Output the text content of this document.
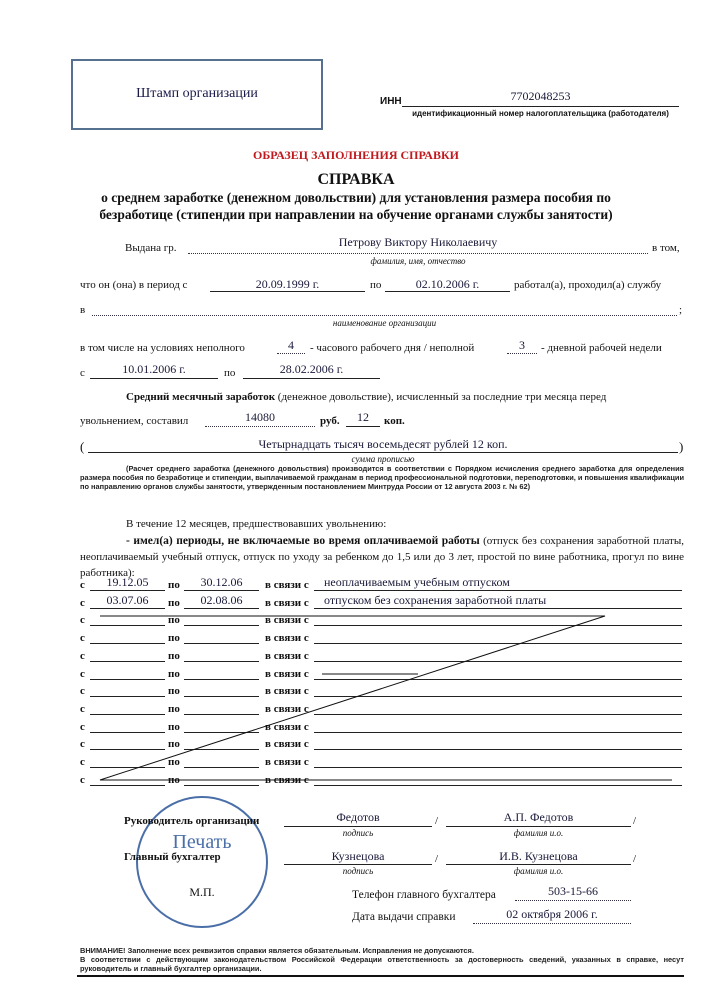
Штамп организации
ИНН	7702048253
идентификационный номер налогоплательщика (работодателя)
ОБРАЗЕЦ ЗАПОЛНЕНИЯ СПРАВКИ
СПРАВКА
о среднем заработке (денежном довольствии) для установления размера пособия по
безработице (стипендии при направлении на обучение органами службы занятости)
Выдана гр.	Петрову Виктору Николаевичу	в том,
фамилия, имя, отчество
что он (она) в период с	20.09.1999 г.	по	02.10.2006 г.	работал(а), проходил(а) службу
в	;
наименование организации
в том числе на условиях неполного	4	- часового рабочего дня / неполной	3	- дневной рабочей недели
с	10.01.2006 г.	по	28.02.2006 г.
Средний месячный заработок (денежное довольствие), исчисленный за последние три месяца перед
увольнением, составил	14080	руб.	12	коп.
(	Четырнадцать тысяч восемьдесят рублей 12 коп.	)
сумма прописью
(Расчет среднего заработка (денежного довольствия) производится в соответствии с Порядком исчисления среднего заработка для определения размера пособия по безработице и стипендии, выплачиваемой гражданам в период профессиональной подготовки, переподготовки, и повышения квалификации по направлению органов службы занятости, утвержденным постановлением Минтруда России от 12 августа 2003 г. № 62)
В течение 12 месяцев, предшествовавших увольнению:
- имел(а) периоды, не включаемые во время оплачиваемой работы (отпуск без сохранения заработной платы, неоплачиваемый учебный отпуск, отпуск по уходу за ребенком до 1,5 или до 3 лет, простой по вине работника, прогул по вине работника):
с	19.12.05	по	30.12.06	в связи с	неоплачиваемым учебным отпуском
с	03.07.06	по	02.08.06	в связи с	отпуском без сохранения заработной платы
с	по	в связи с
с	по	в связи с
с	по	в связи с
с	по	в связи с
с	по	в связи с
с	по	в связи с
с	по	в связи с
с	по	в связи с
с	по	в связи с
с	по	в связи с
Руководитель организации	Федотов	/	А.П. Федотов	/
подпись	фамилия и.о.
Главный бухгалтер	Кузнецова	/	И.В. Кузнецова	/
подпись	фамилия и.о.
Печать
М.П.	Телефон главного бухгалтера	503-15-66
Дата выдачи справки	02 октября 2006 г.
ВНИМАНИЕ! Заполнение всех реквизитов справки является обязательным. Исправления не допускаются.
В соответствии с действующим законодательством Российской Федерации ответственность за достоверность сведений, указанных в справке, несут руководитель и главный бухгалтер организации.
